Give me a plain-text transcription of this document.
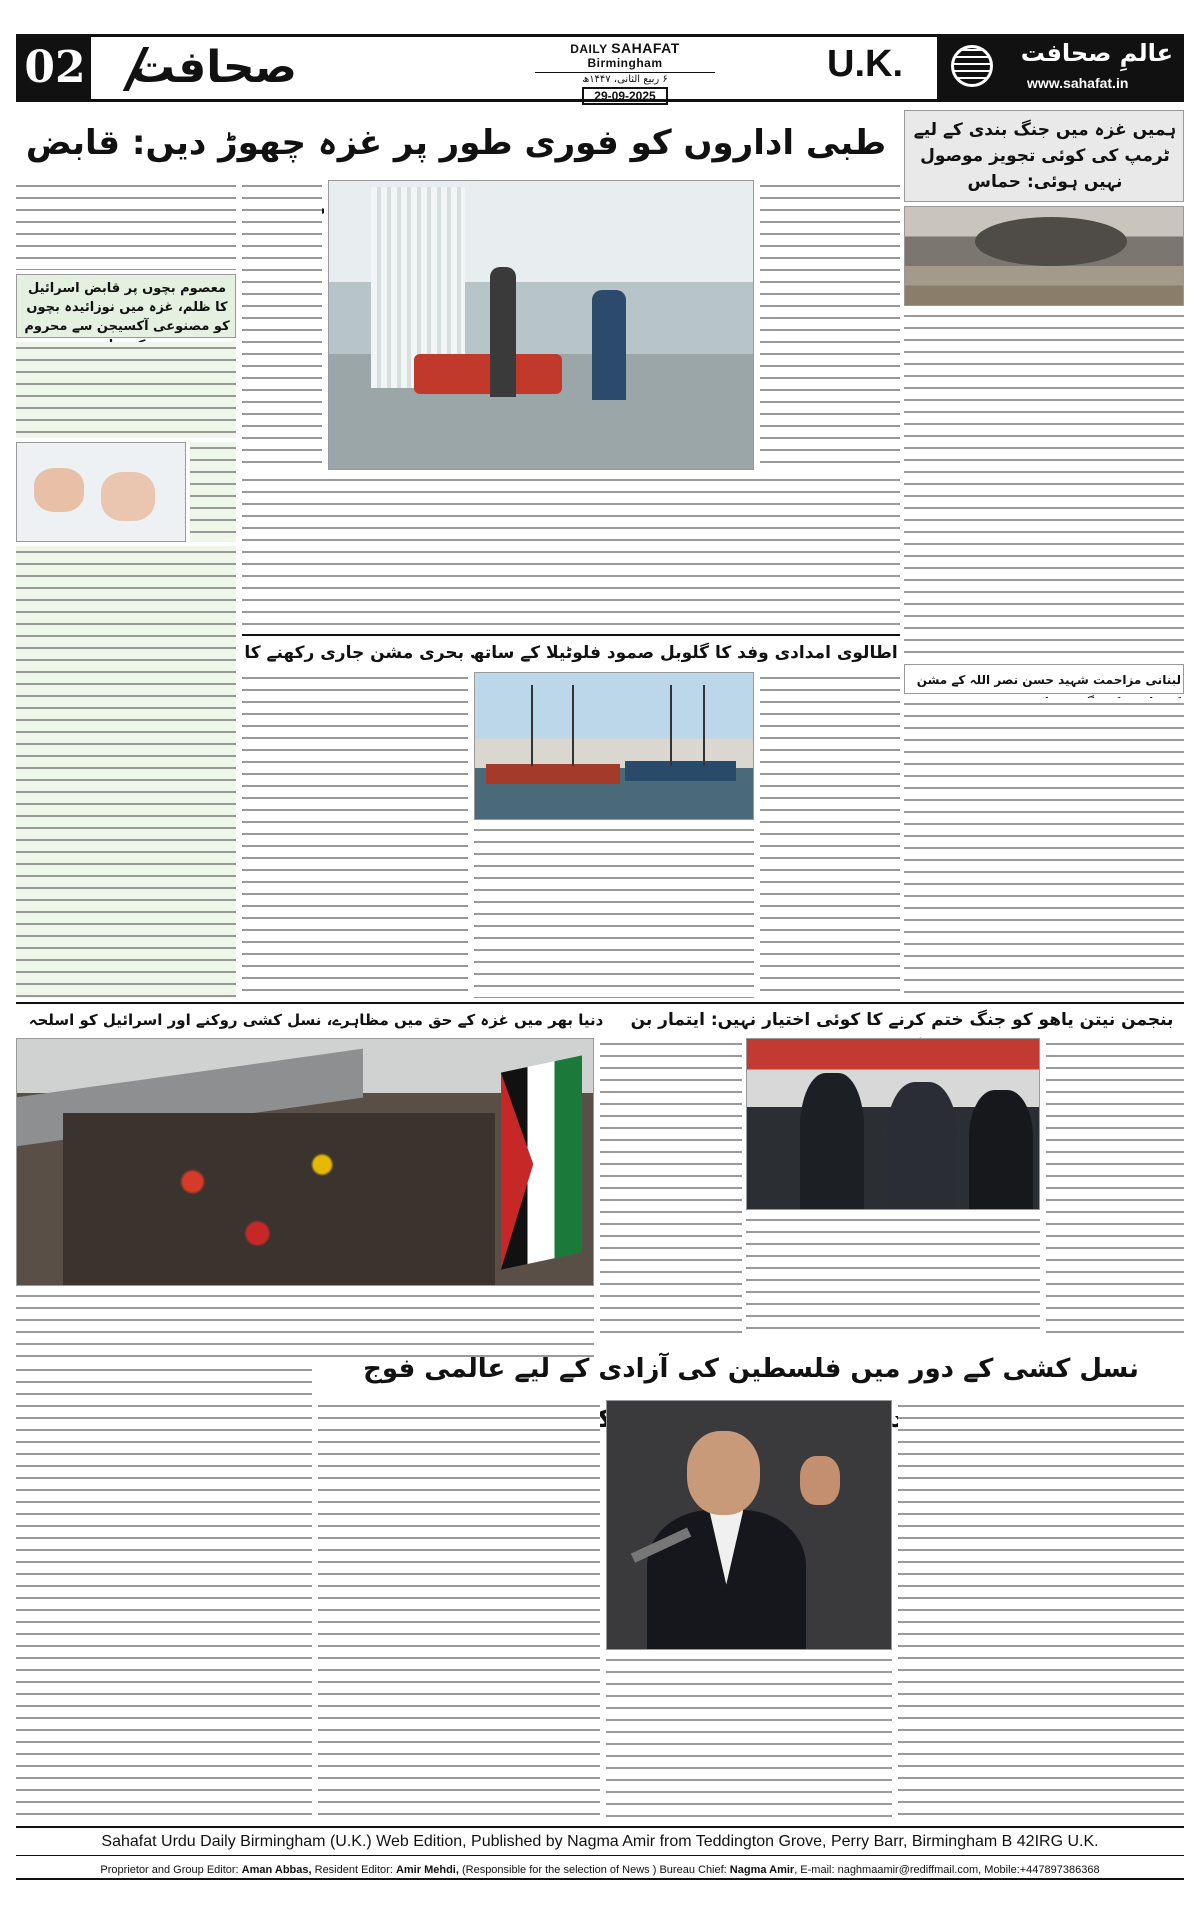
02	صحافت	DAILY SAHAFAT Birmingham
۶ ربیع الثانی، ۱۴۴۷ھ
29-09-2025
U.K.	عالمِ صحافت
www.sahafat.in
طبی اداروں کو فوری طور پر غزہ چھوڑ دیں: قابض	ہمیں غزہ میں جنگ بندی کے لیے ٹرمپ کی کوئی تجویز موصول نہیں ہوئی: حماس
لبنانی مزاحمت شہید حسن نصر اللہ کے مشن
معصوم بچوں پر قابض اسرائیل کا ظلم، غزہ میں نوزائیدہ بچوں کو مصنوعی آکسیجن سے محروم
اطالوی امدادی وفد کا گلوبل صمود فلوٹیلا کے ساتھ بحری مشن جاری رکھنے کا
دنیا بھر میں غزہ کے حق میں مظاہرے، نسل کشی روکنے اور اسرائیل کو اسلحہ	بنجمن نیتن یاھو کو جنگ ختم کرنے کا کوئی اختیار نہیں: ایتمار بن
نسل کشی کے دور میں فلسطین کی آزادی کے لیے عالمی فوج
Sahafat Urdu Daily Birmingham (U.K.) Web Edition, Published by Nagma Amir from Teddington Grove, Perry Barr, Birmingham B 42IRG U.K.
Proprietor and Group Editor: Aman Abbas, Resident Editor: Amir Mehdi, (Responsible for the selection of News ) Bureau Chief: Nagma Amir, E-mail: naghmaamir@rediffmail.com, Mobile:+447897386368
